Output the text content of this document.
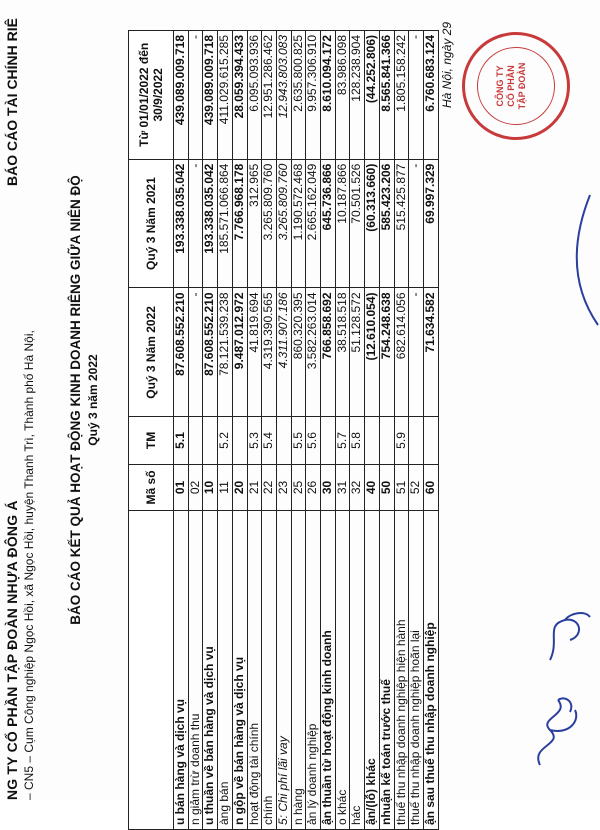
NG TY CỔ PHẦN TẬP ĐOÀN NHỰA ĐÔNG Á – CN5 – Cụm Công nghiệp Ngọc Hồi, xã Ngọc Hồi, huyện Thanh Trì, Thành phố Hà Nội,
BÁO CÁO TÀI CHÍNH RIÊ
BÁO CÁO KẾT QUẢ HOẠT ĐỘNG KINH DOANH RIÊNG GIỮA NIÊN ĐỘ Quý 3 năm 2022
	Mã số	TM	Quý 3 Năm 2022	Quý 3 Năm 2021	Từ 01/01/2022 đến 30/9/2022
u bán hàng và dịch vụ	01	5.1	87.608.552.210	193.338.035.042	439.089.009.718
n giảm trừ doanh thu	02		-	-	-
u thuần về bán hàng và dịch vụ	10		87.608.552.210	193.338.035.042	439.089.009.718
àng bán	11	5.2	78.121.539.238	185.571.066.864	411.029.615.285
n gộp về bán hàng và dịch vụ	20		9.487.012.972	7.766.968.178	28.059.394.433
hoạt động tài chính	21	5.3	41.819.694	312.965	6.095.093.936
chính	22	5.4	4.319.390.565	3.265.809.760	12.951.286.462
5: Chi phí lãi vay	23		4.311.907.186	3.265.809.760	12.943.803.083
n hàng	25	5.5	860.320.395	1.190.572.468	2.635.800.825
ản lý doanh nghiệp	26	5.6	3.582.263.014	2.665.162.049	9.957.306.910
ận thuần từ hoạt động kinh doanh	30		766.858.692	645.736.866	8.610.094.172
o khác	31	5.7	38.518.518	10.187.866	83.986.098
hác	32	5.8	51.128.572	70.501.526	128.238.904
ận/(lỗ) khác	40		(12.610.054)	(60.313.660)	(44.252.806)
nhuận kế toán trước thuế	50		754.248.638	585.423.206	8.565.841.366
thuế thu nhập doanh nghiệp hiện hành	51	5.9	682.614.056	515.425.877	1.805.158.242
thuế thu nhập doanh nghiệp hoãn lại	52		-	-	-
ận sau thuế thu nhập doanh nghiệp	60		71.634.582	69.997.329	6.760.683.124 Hà Nội, ngày 29	CÔNG TY CỔ PHẦN TẬP ĐOÀN
